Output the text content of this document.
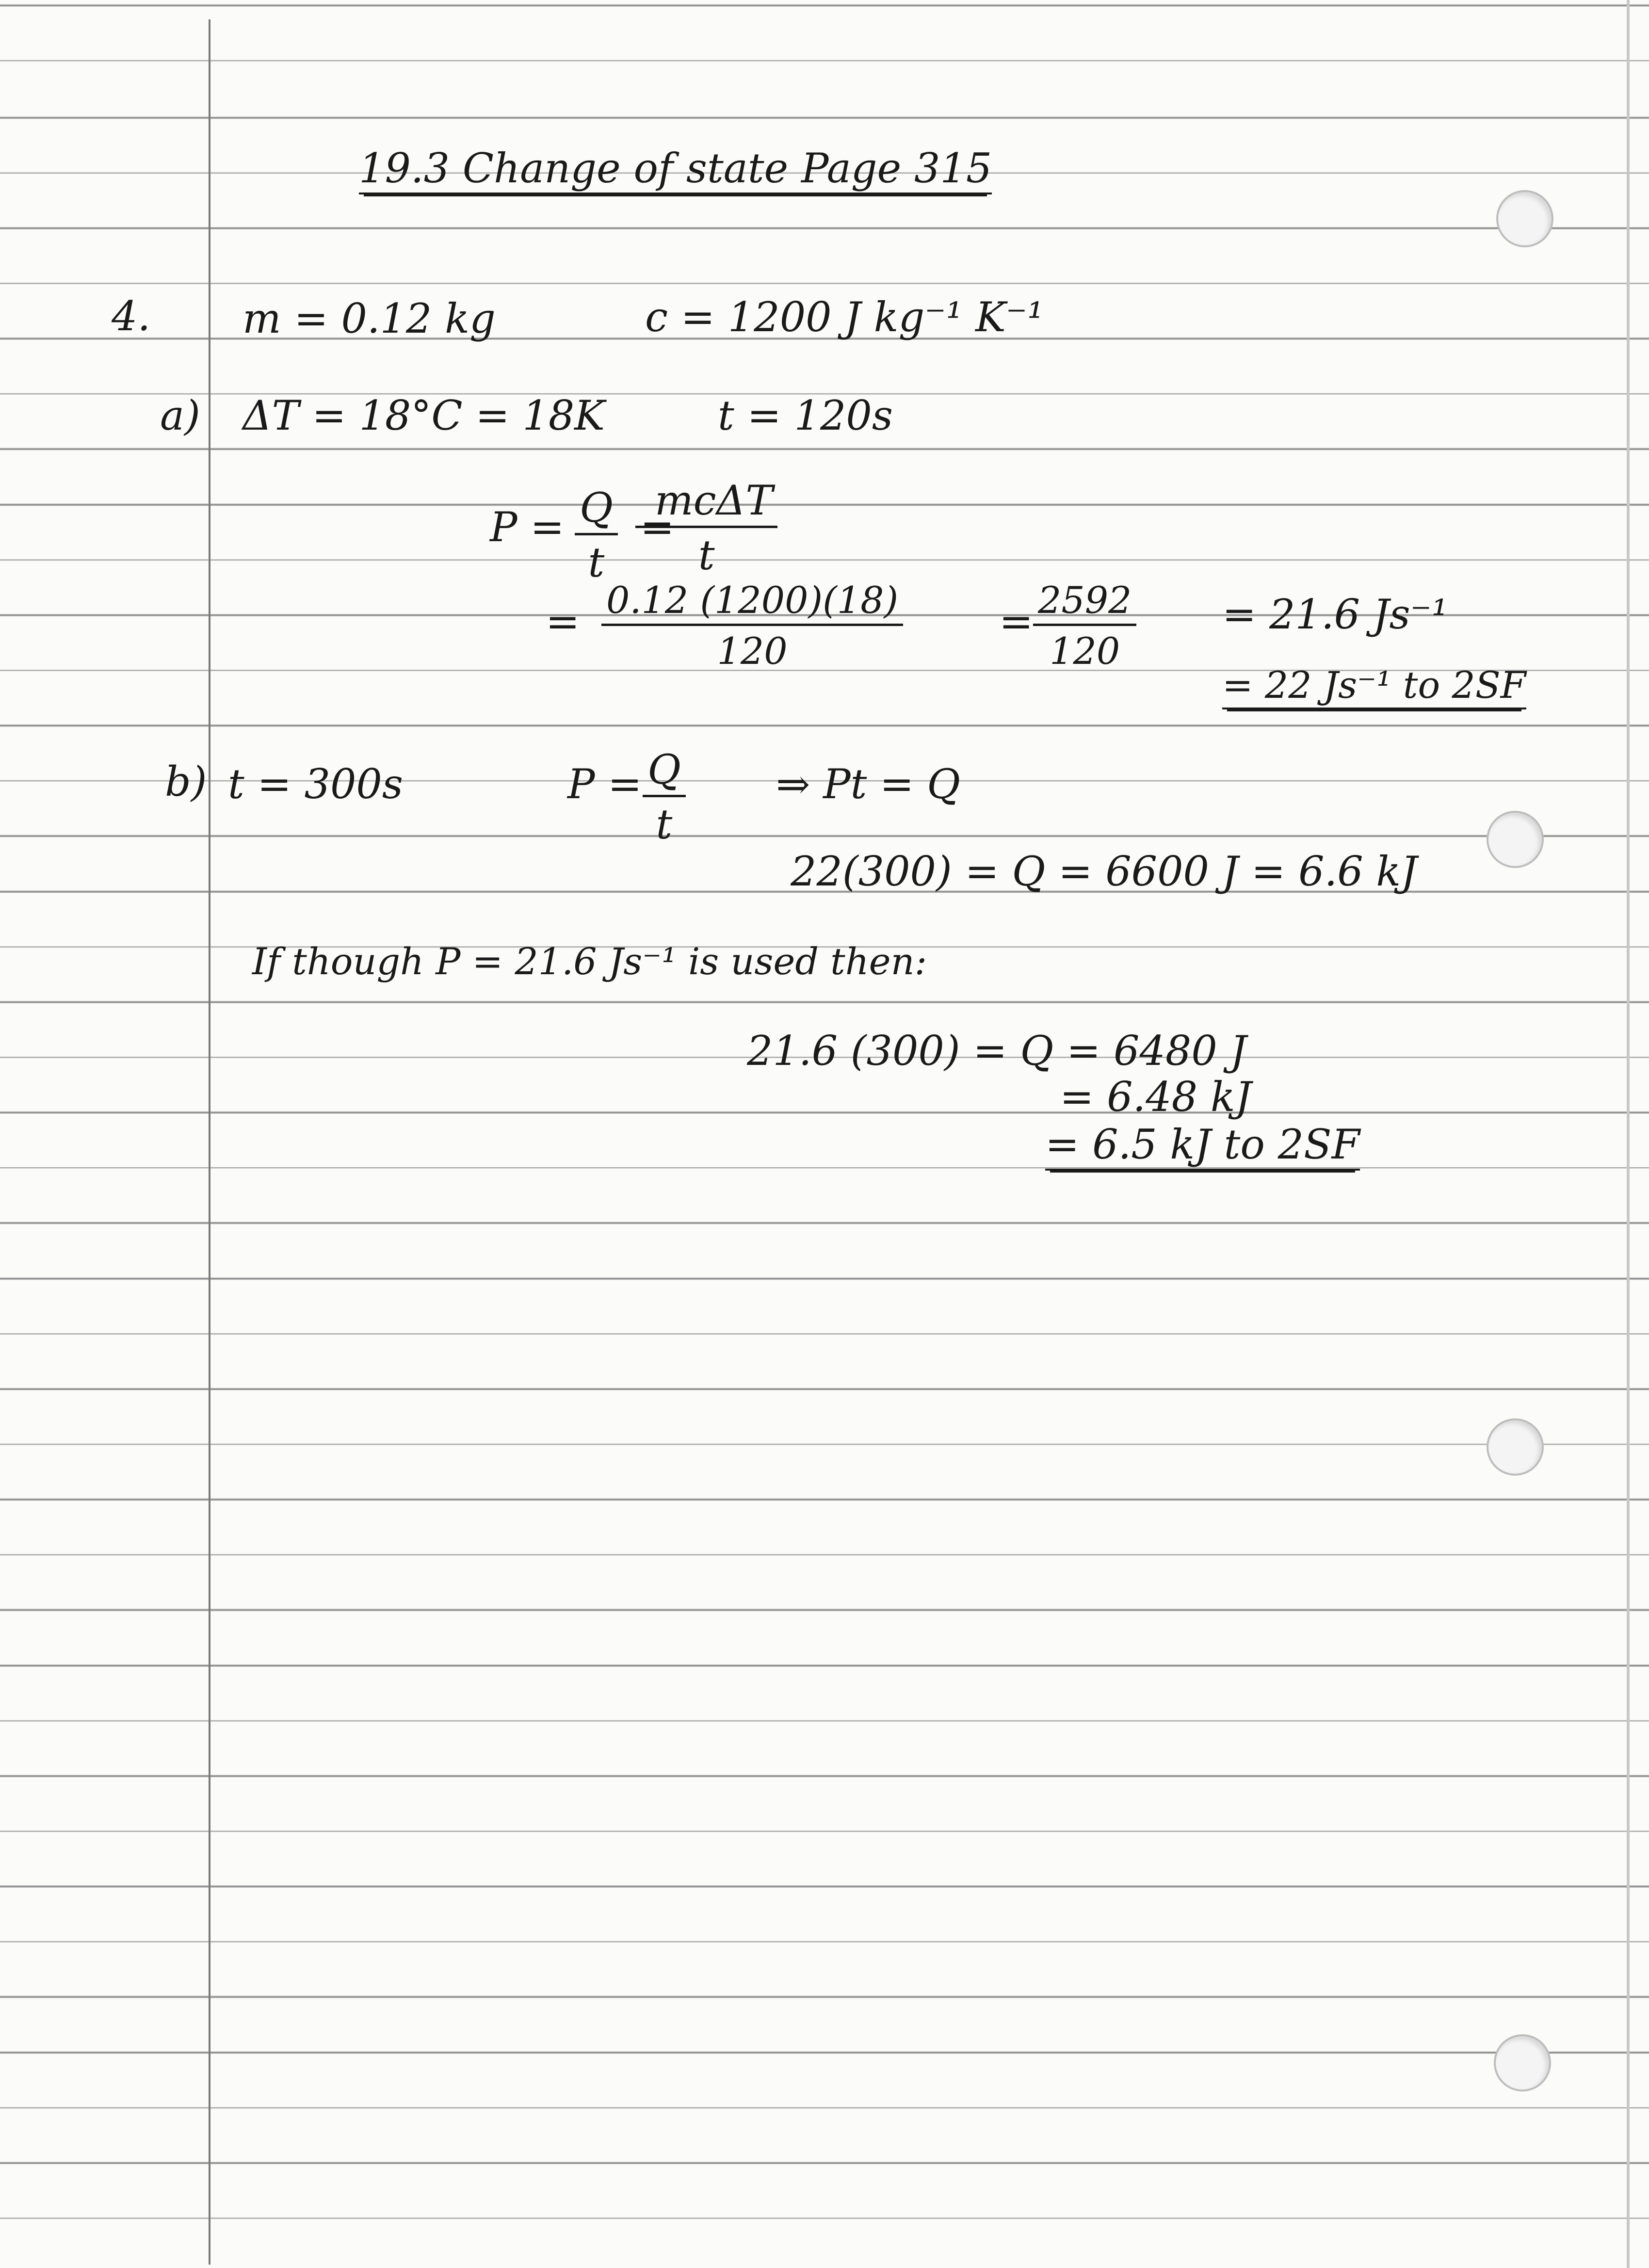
19.3 Change of state Page 315
4. m = 0.12 kg	c = 1200 J kg⁻¹ K⁻¹
a) ΔT = 18°C = 18K	t = 120s
$P = \frac{Q}{t}$ =
mcΔT
t
= $\frac{0.12 (1200)(18)}{120} = \frac{2592}{120} = 21.6$ Js⁻¹
= 22 Js⁻¹ to 2SF
b) t = 300s	$P = \frac{Q}{t}$ ⇒ Pt = Q
22(300) = Q = 6600 J = 6.6 kJ
If though P = 21.6 Js⁻¹ is used then:
21.6 (300) = Q = 6480 J
= 6.48 kJ
= 6.5 kJ to 2SF
